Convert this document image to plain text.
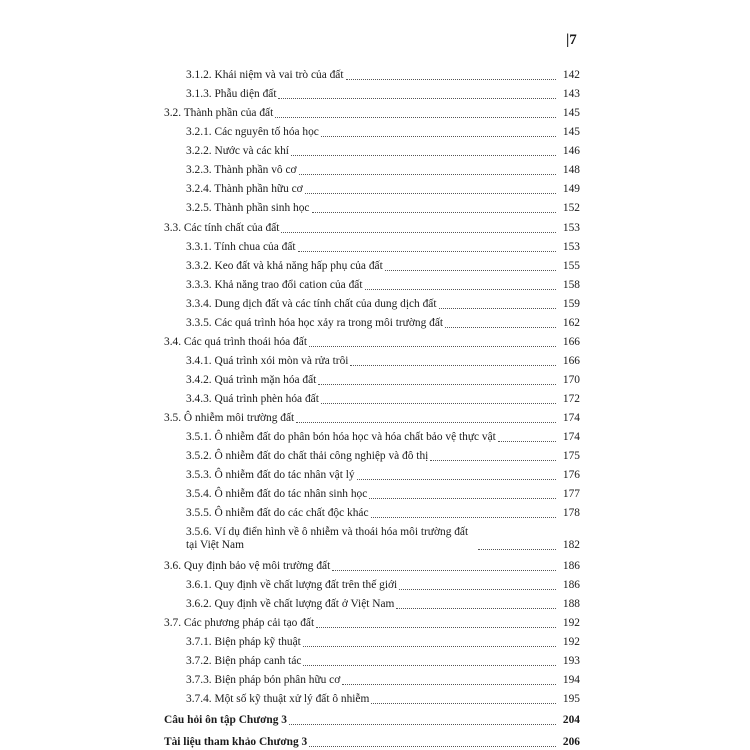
|7
3.1.2. Khái niệm và vai trò của đất	142
3.1.3. Phẫu diện đất	143
3.2. Thành phần của đất	145
3.2.1. Các nguyên tố hóa học	145
3.2.2. Nước và các khí	146
3.2.3. Thành phần vô cơ	148
3.2.4. Thành phần hữu cơ	149
3.2.5. Thành phần sinh học	152
3.3. Các tính chất của đất	153
3.3.1. Tính chua của đất	153
3.3.2. Keo đất và khả năng hấp phụ của đất	155
3.3.3. Khả năng trao đổi cation của đất	158
3.3.4. Dung dịch đất và các tính chất của dung dịch đất	159
3.3.5. Các quá trình hóa học xảy ra trong môi trường đất	162
3.4. Các quá trình thoái hóa đất	166
3.4.1. Quá trình xói mòn và rửa trôi	166
3.4.2. Quá trình mặn hóa đất	170
3.4.3. Quá trình phèn hóa đất	172
3.5. Ô nhiễm môi trường đất	174
3.5.1. Ô nhiễm đất do phân bón hóa học và hóa chất bảo vệ thực vật	174
3.5.2. Ô nhiễm đất do chất thải công nghiệp và đô thị	175
3.5.3. Ô nhiễm đất do tác nhân vật lý	176
3.5.4. Ô nhiễm đất do tác nhân sinh học	177
3.5.5. Ô nhiễm đất do các chất độc khác	178
3.5.6. Ví dụ điển hình về ô nhiễm và thoái hóa môi trường đất tại Việt Nam	182
3.6. Quy định bảo vệ môi trường đất	186
3.6.1. Quy định về chất lượng đất trên thế giới	186
3.6.2. Quy định về chất lượng đất ở Việt Nam	188
3.7. Các phương pháp cải tạo đất	192
3.7.1. Biện pháp kỹ thuật	192
3.7.2. Biện pháp canh tác	193
3.7.3. Biện pháp bón phân hữu cơ	194
3.7.4. Một số kỹ thuật xử lý đất ô nhiễm	195
Câu hỏi ôn tập Chương 3	204
Tài liệu tham khảo Chương 3	206
